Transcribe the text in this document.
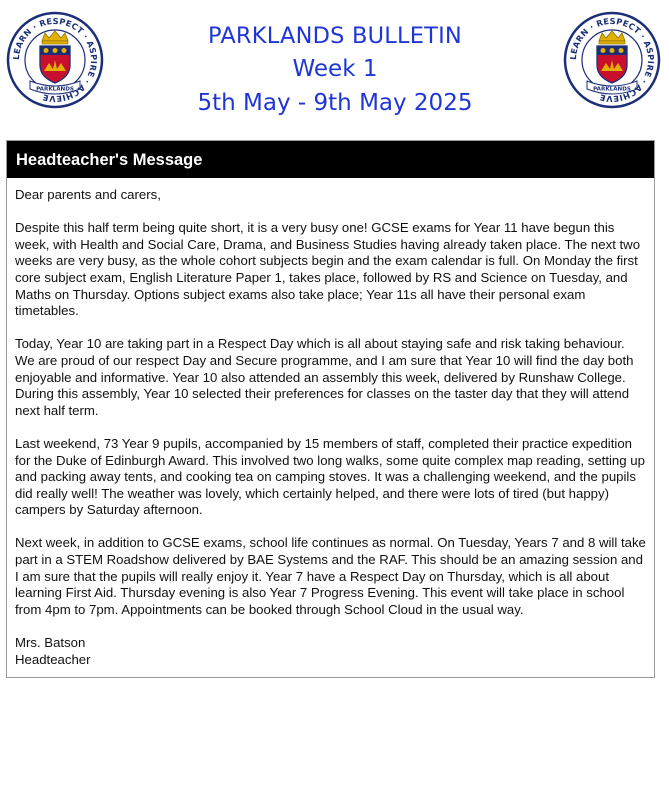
LEARN · RESPECT · ASPIRE · ACHIEVE
PARKLANDS
PARKLANDS BULLETIN
Week 1
5th May - 9th May 2025
LEARN · RESPECT · ASPIRE · ACHIEVE
PARKLANDS
Headteacher's Message

Dear parents and carers,

Despite this half term being quite short, it is a very busy one! GCSE exams for Year 11 have begun this week, with Health and Social Care, Drama, and Business Studies having already taken place. The next two weeks are very busy, as the whole cohort subjects begin and the exam calendar is full. On Monday the first core subject exam, English Literature Paper 1, takes place, followed by RS and Science on Tuesday, and Maths on Thursday. Options subject exams also take place; Year 11s all have their personal exam timetables.

Today, Year 10 are taking part in a Respect Day which is all about staying safe and risk taking behaviour. We are proud of our respect Day and Secure programme, and I am sure that Year 10 will find the day both enjoyable and informative. Year 10 also attended an assembly this week, delivered by Runshaw College. During this assembly, Year 10 selected their preferences for classes on the taster day that they will attend next half term.

Last weekend, 73 Year 9 pupils, accompanied by 15 members of staff, completed their practice expedition for the Duke of Edinburgh Award. This involved two long walks, some quite complex map reading, setting up and packing away tents, and cooking tea on camping stoves. It was a challenging weekend, and the pupils did really well! The weather was lovely, which certainly helped, and there were lots of tired (but happy) campers by Saturday afternoon.

Next week, in addition to GCSE exams, school life continues as normal. On Tuesday, Years 7 and 8 will take part in a STEM Roadshow delivered by BAE Systems and the RAF. This should be an amazing session and I am sure that the pupils will really enjoy it. Year 7 have a Respect Day on Thursday, which is all about learning First Aid. Thursday evening is also Year 7 Progress Evening. This event will take place in school from 4pm to 7pm. Appointments can be booked through School Cloud in the usual way.

Mrs. Batson

Headteacher
